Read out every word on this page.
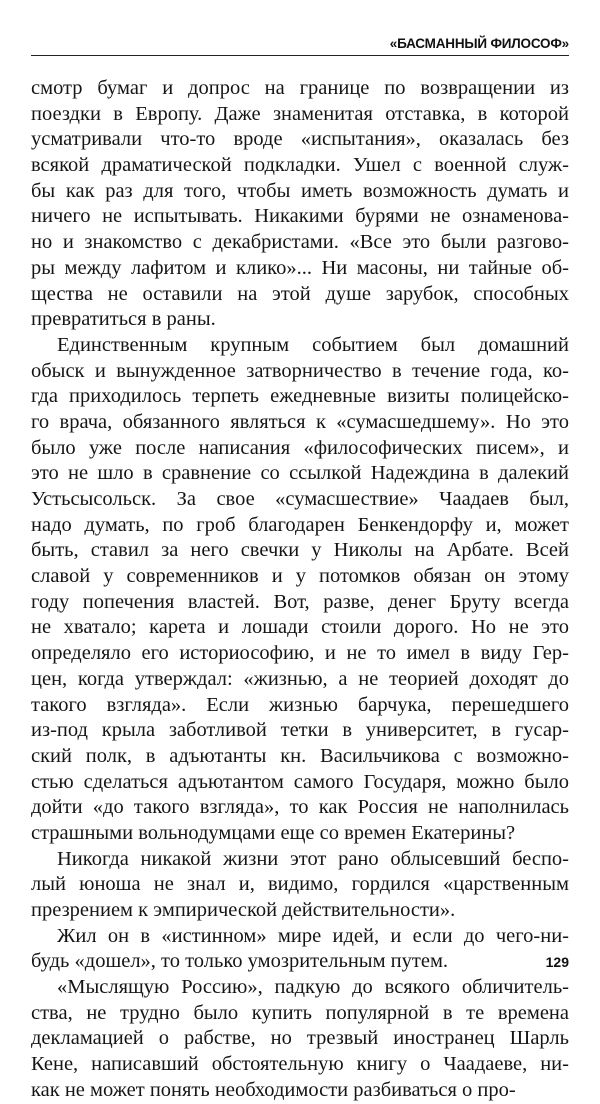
«БАСМАННЫЙ ФИЛОСОФ»
смотр бумаг и допрос на границе по возвращении из
поездки в Европу. Даже знаменитая отставка, в которой
усматривали что-то вроде «испытания», оказалась без
всякой драматической подкладки. Ушел с военной служ-
бы как раз для того, чтобы иметь возможность думать и
ничего не испытывать. Никакими бурями не ознаменова-
но и знакомство с декабристами. «Все это были разгово-
ры между лафитом и клико»... Ни масоны, ни тайные об-
щества не оставили на этой душе зарубок, способных
превратиться в раны.
Единственным крупным событием был домашний
обыск и вынужденное затворничество в течение года, ко-
гда приходилось терпеть ежедневные визиты полицейско-
го врача, обязанного являться к «сумасшедшему». Но это
было уже после написания «философических писем», и
это не шло в сравнение со ссылкой Надеждина в далекий
Устьсысольск. За свое «сумасшествие» Чаадаев был,
надо думать, по гроб благодарен Бенкендорфу и, может
быть, ставил за него свечки у Николы на Арбате. Всей
славой у современников и у потомков обязан он этому
году попечения властей. Вот, разве, денег Бруту всегда
не хватало; карета и лошади стоили дорого. Но не это
определяло его историософию, и не то имел в виду Гер-
цен, когда утверждал: «жизнью, а не теорией доходят до
такого взгляда». Если жизнью барчука, перешедшего
из-под крыла заботливой тетки в университет, в гусар-
ский полк, в адъютанты кн. Васильчикова с возможно-
стью сделаться адъютантом самого Государя, можно было
дойти «до такого взгляда», то как Россия не наполнилась
страшными вольнодумцами еще со времен Екатерины?
Никогда никакой жизни этот рано облысевший беспо-
лый юноша не знал и, видимо, гордился «царственным
презрением к эмпирической действительности».
Жил он в «истинном» мире идей, и если до чего-ни-
будь «дошел», то только умозрительным путем.
«Мыслящую Россию», падкую до всякого обличитель-
ства, не трудно было купить популярной в те времена
декламацией о рабстве, но трезвый иностранец Шарль
Кене, написавший обстоятельную книгу о Чаадаеве, ни-
как не может понять необходимости разбиваться о про-
129
